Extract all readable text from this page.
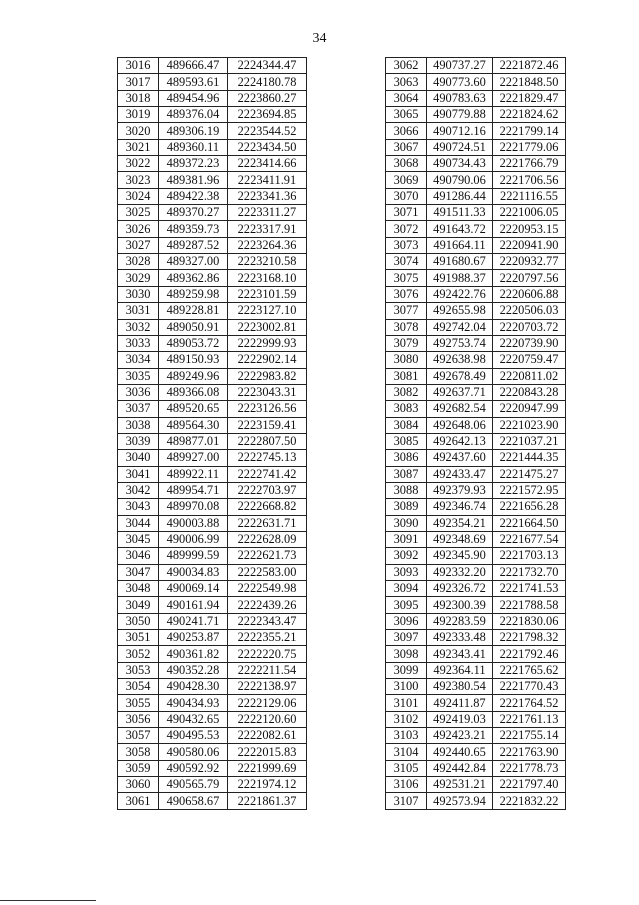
34
3016	489666.47	2224344.47
3017	489593.61	2224180.78
3018	489454.96	2223860.27
3019	489376.04	2223694.85
3020	489306.19	2223544.52
3021	489360.11	2223434.50
3022	489372.23	2223414.66
3023	489381.96	2223411.91
3024	489422.38	2223341.36
3025	489370.27	2223311.27
3026	489359.73	2223317.91
3027	489287.52	2223264.36
3028	489327.00	2223210.58
3029	489362.86	2223168.10
3030	489259.98	2223101.59
3031	489228.81	2223127.10
3032	489050.91	2223002.81
3033	489053.72	2222999.93
3034	489150.93	2222902.14
3035	489249.96	2222983.82
3036	489366.08	2223043.31
3037	489520.65	2223126.56
3038	489564.30	2223159.41
3039	489877.01	2222807.50
3040	489927.00	2222745.13
3041	489922.11	2222741.42
3042	489954.71	2222703.97
3043	489970.08	2222668.82
3044	490003.88	2222631.71
3045	490006.99	2222628.09
3046	489999.59	2222621.73
3047	490034.83	2222583.00
3048	490069.14	2222549.98
3049	490161.94	2222439.26
3050	490241.71	2222343.47
3051	490253.87	2222355.21
3052	490361.82	2222220.75
3053	490352.28	2222211.54
3054	490428.30	2222138.97
3055	490434.93	2222129.06
3056	490432.65	2222120.60
3057	490495.53	2222082.61
3058	490580.06	2222015.83
3059	490592.92	2221999.69
3060	490565.79	2221974.12
3061	490658.67	2221861.37
3062	490737.27	2221872.46
3063	490773.60	2221848.50
3064	490783.63	2221829.47
3065	490779.88	2221824.62
3066	490712.16	2221799.14
3067	490724.51	2221779.06
3068	490734.43	2221766.79
3069	490790.06	2221706.56
3070	491286.44	2221116.55
3071	491511.33	2221006.05
3072	491643.72	2220953.15
3073	491664.11	2220941.90
3074	491680.67	2220932.77
3075	491988.37	2220797.56
3076	492422.76	2220606.88
3077	492655.98	2220506.03
3078	492742.04	2220703.72
3079	492753.74	2220739.90
3080	492638.98	2220759.47
3081	492678.49	2220811.02
3082	492637.71	2220843.28
3083	492682.54	2220947.99
3084	492648.06	2221023.90
3085	492642.13	2221037.21
3086	492437.60	2221444.35
3087	492433.47	2221475.27
3088	492379.93	2221572.95
3089	492346.74	2221656.28
3090	492354.21	2221664.50
3091	492348.69	2221677.54
3092	492345.90	2221703.13
3093	492332.20	2221732.70
3094	492326.72	2221741.53
3095	492300.39	2221788.58
3096	492283.59	2221830.06
3097	492333.48	2221798.32
3098	492343.41	2221792.46
3099	492364.11	2221765.62
3100	492380.54	2221770.43
3101	492411.87	2221764.52
3102	492419.03	2221761.13
3103	492423.21	2221755.14
3104	492440.65	2221763.90
3105	492442.84	2221778.73
3106	492531.21	2221797.40
3107	492573.94	2221832.22
